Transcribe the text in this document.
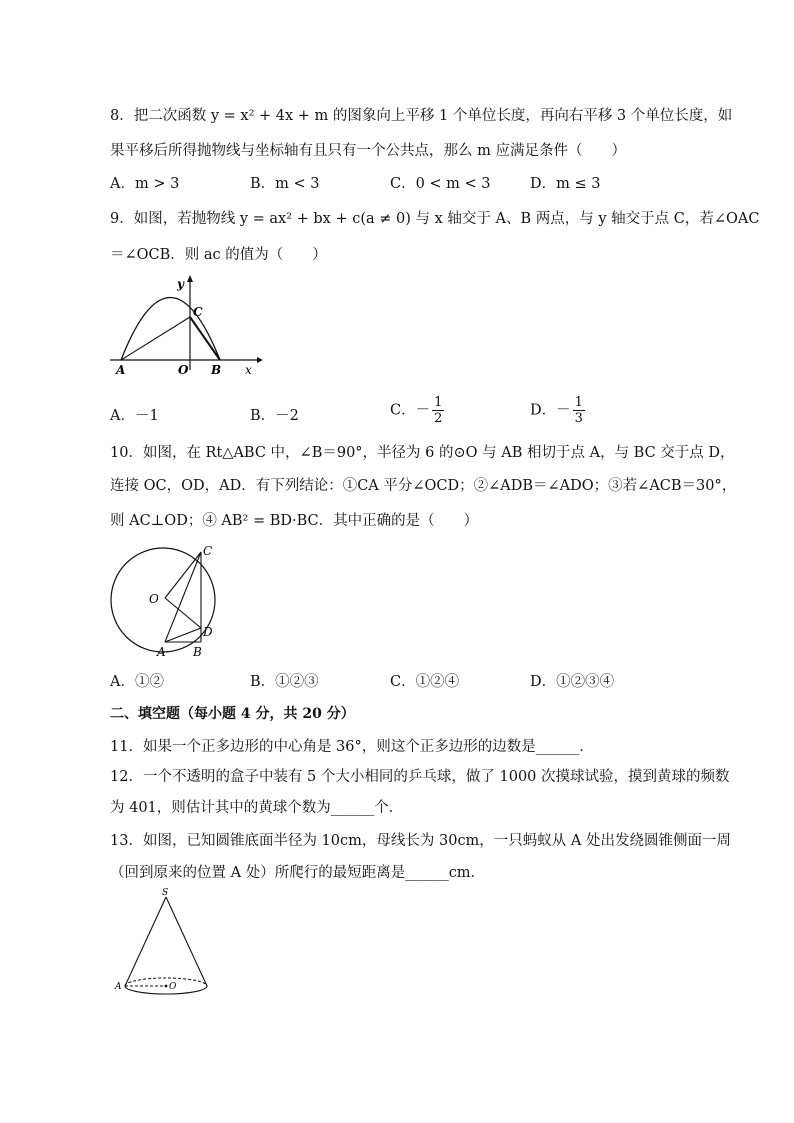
8．把二次函数 y = x² + 4x + m 的图象向上平移 1 个单位长度，再向右平移 3 个单位长度，如
果平移后所得抛物线与坐标轴有且只有一个公共点，那么 m 应满足条件（　　）
A．m > 3	B．m < 3	C．0 < m < 3	D．m ≤ 3
9．如图，若抛物线 y = ax² + bx + c(a ≠ 0) 与 x 轴交于 A、B 两点，与 y 轴交于点 C，若∠OAC
＝∠OCB．则 ac 的值为（　　）
y
C
A	O B x
A．－1	B．－2	C．－ $\frac{1}{2}$	D．－ $\frac{1}{3}$
10．如图，在 Rt△ABC 中，∠B＝90°，半径为 6 的⊙O 与 AB 相切于点 A，与 BC 交于点 D，
连接 OC，OD，AD．有下列结论：①CA 平分∠OCD；②∠ADB＝∠ADO；③若∠ACB＝30°，
则 AC⊥OD；④ AB² = BD·BC．其中正确的是（　　）
C
O
D
A B
A．①②	B．①②③	C．①②④	D．①②③④
二、填空题（每小题 4 分，共 20 分）
11．如果一个正多边形的中心角是 36°，则这个正多边形的边数是______．
12．一个不透明的盒子中装有 5 个大小相同的乒乓球，做了 1000 次摸球试验，摸到黄球的频数
为 401，则估计其中的黄球个数为______个．
13．如图，已知圆锥底面半径为 10cm，母线长为 30cm，一只蚂蚁从 A 处出发绕圆锥侧面一周
（回到原来的位置 A 处）所爬行的最短距离是______cm．
S
A	O
